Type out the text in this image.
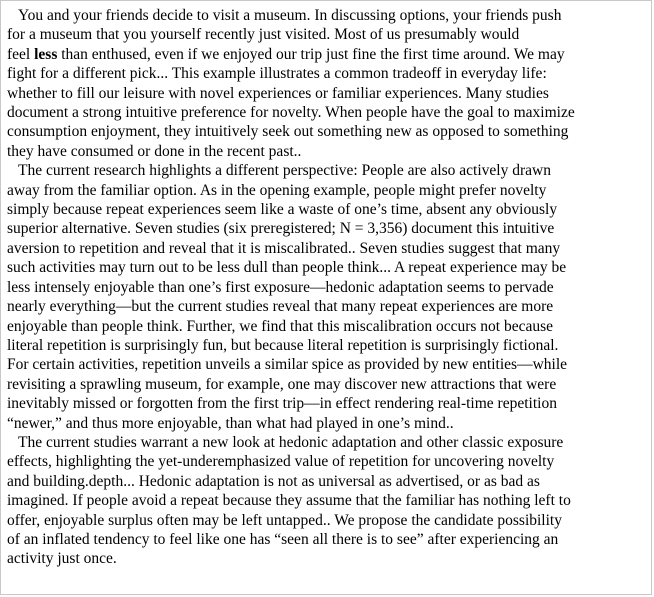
You and your friends decide to visit a museum. In discussing options, your friends push
for a museum that you yourself recently just visited. Most of us presumably would
feel less than enthused, even if we enjoyed our trip just fine the first time around. We may
fight for a different pick... This example illustrates a common tradeoff in everyday life:
whether to fill our leisure with novel experiences or familiar experiences. Many studies
document a strong intuitive preference for novelty. When people have the goal to maximize
consumption enjoyment, they intuitively seek out something new as opposed to something
they have consumed or done in the recent past..
The current research highlights a different perspective: People are also actively drawn
away from the familiar option. As in the opening example, people might prefer novelty
simply because repeat experiences seem like a waste of one’s time, absent any obviously
superior alternative. Seven studies (six preregistered; N = 3,356) document this intuitive
aversion to repetition and reveal that it is miscalibrated.. Seven studies suggest that many
such activities may turn out to be less dull than people think... A repeat experience may be
less intensely enjoyable than one’s first exposure—hedonic adaptation seems to pervade
nearly everything—but the current studies reveal that many repeat experiences are more
enjoyable than people think. Further, we find that this miscalibration occurs not because
literal repetition is surprisingly fun, but because literal repetition is surprisingly fictional.
For certain activities, repetition unveils a similar spice as provided by new entities—while
revisiting a sprawling museum, for example, one may discover new attractions that were
inevitably missed or forgotten from the first trip—in effect rendering real-time repetition
“newer,” and thus more enjoyable, than what had played in one’s mind..
The current studies warrant a new look at hedonic adaptation and other classic exposure
effects, highlighting the yet-underemphasized value of repetition for uncovering novelty
and building.depth... Hedonic adaptation is not as universal as advertised, or as bad as
imagined. If people avoid a repeat because they assume that the familiar has nothing left to
offer, enjoyable surplus often may be left untapped.. We propose the candidate possibility
of an inflated tendency to feel like one has “seen all there is to see” after experiencing an
activity just once.
